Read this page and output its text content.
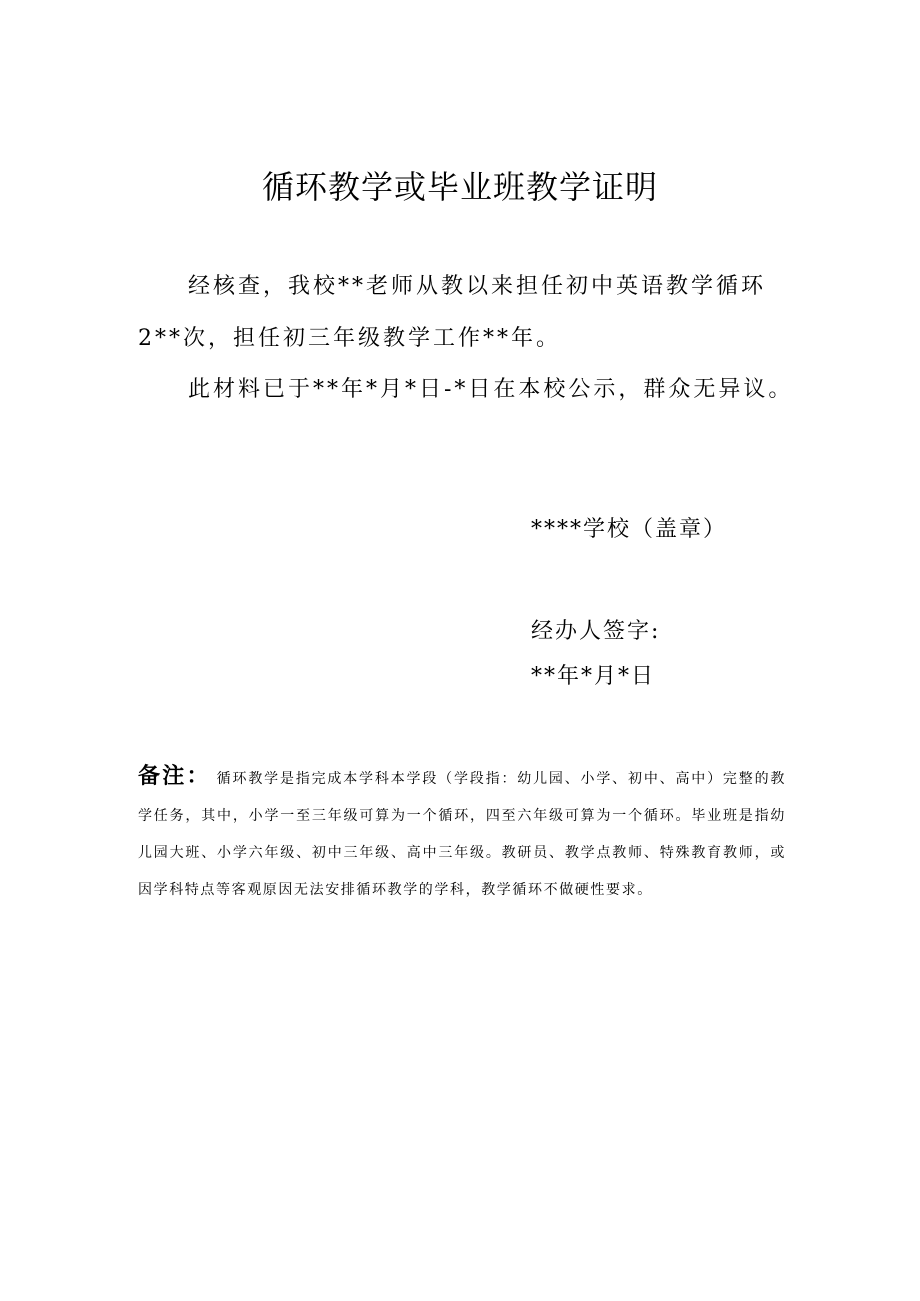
循环教学或毕业班教学证明

经核查，我校**老师从教以来担任初中英语教学循环

2**次，担任初三年级教学工作**年。

此材料已于**年*月*日-*日在本校公示，群众无异议。

****学校（盖章）

经办人签字:

**年*月*日

备注： 循环教学是指完成本学科本学段（学段指：幼儿园、小学、初中、高中）完整的教学任务，其中，小学一至三年级可算为一个循环，四至六年级可算为一个循环。毕业班是指幼儿园大班、小学六年级、初中三年级、高中三年级。教研员、教学点教师、特殊教育教师，或因学科特点等客观原因无法安排循环教学的学科，教学循环不做硬性要求。
